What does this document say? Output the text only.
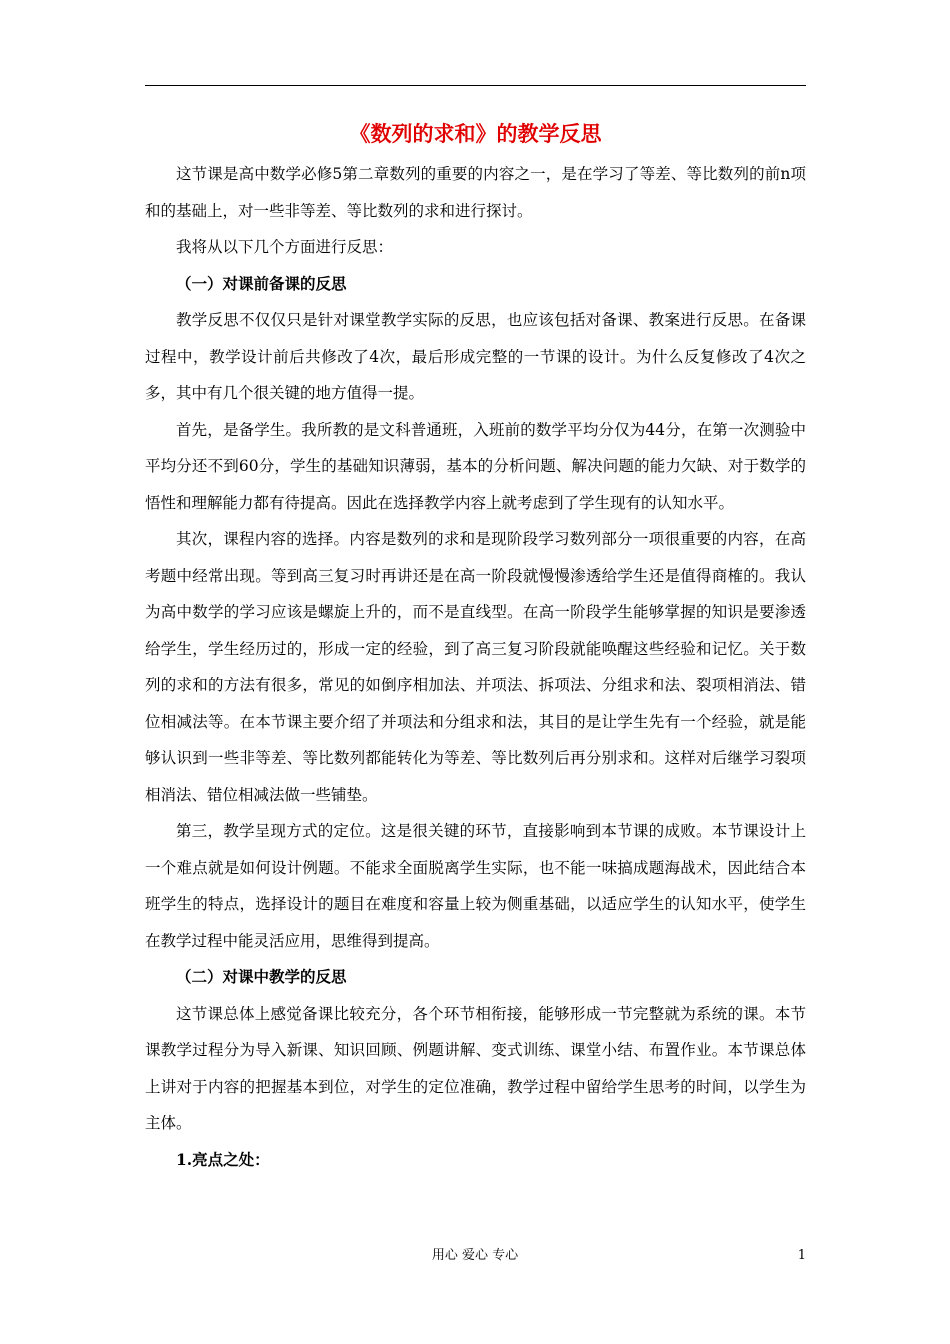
《数列的求和》的教学反思

这节课是高中数学必修5第二章数列的重要的内容之一，是在学习了等差、等比数列的前n项和的基础上，对一些非等差、等比数列的求和进行探讨。

我将从以下几个方面进行反思：

（一）对课前备课的反思

教学反思不仅仅只是针对课堂教学实际的反思，也应该包括对备课、教案进行反思。在备课过程中，教学设计前后共修改了4次，最后形成完整的一节课的设计。为什么反复修改了4次之多，其中有几个很关键的地方值得一提。

首先，是备学生。我所教的是文科普通班，入班前的数学平均分仅为44分，在第一次测验中平均分还不到60分，学生的基础知识薄弱，基本的分析问题、解决问题的能力欠缺、对于数学的悟性和理解能力都有待提高。因此在选择教学内容上就考虑到了学生现有的认知水平。

其次，课程内容的选择。内容是数列的求和是现阶段学习数列部分一项很重要的内容，在高考题中经常出现。等到高三复习时再讲还是在高一阶段就慢慢渗透给学生还是值得商榷的。我认为高中数学的学习应该是螺旋上升的，而不是直线型。在高一阶段学生能够掌握的知识是要渗透给学生，学生经历过的，形成一定的经验，到了高三复习阶段就能唤醒这些经验和记忆。关于数列的求和的方法有很多，常见的如倒序相加法、并项法、拆项法、分组求和法、裂项相消法、错位相减法等。在本节课主要介绍了并项法和分组求和法，其目的是让学生先有一个经验，就是能够认识到一些非等差、等比数列都能转化为等差、等比数列后再分别求和。这样对后继学习裂项相消法、错位相减法做一些铺垫。

第三，教学呈现方式的定位。这是很关键的环节，直接影响到本节课的成败。本节课设计上一个难点就是如何设计例题。不能求全面脱离学生实际，也不能一味搞成题海战术，因此结合本班学生的特点，选择设计的题目在难度和容量上较为侧重基础，以适应学生的认知水平，使学生在教学过程中能灵活应用，思维得到提高。

（二）对课中教学的反思

这节课总体上感觉备课比较充分，各个环节相衔接，能够形成一节完整就为系统的课。本节课教学过程分为导入新课、知识回顾、例题讲解、变式训练、课堂小结、布置作业。本节课总体上讲对于内容的把握基本到位，对学生的定位准确，教学过程中留给学生思考的时间，以学生为主体。

1.亮点之处：

用心 爱心 专心	1
